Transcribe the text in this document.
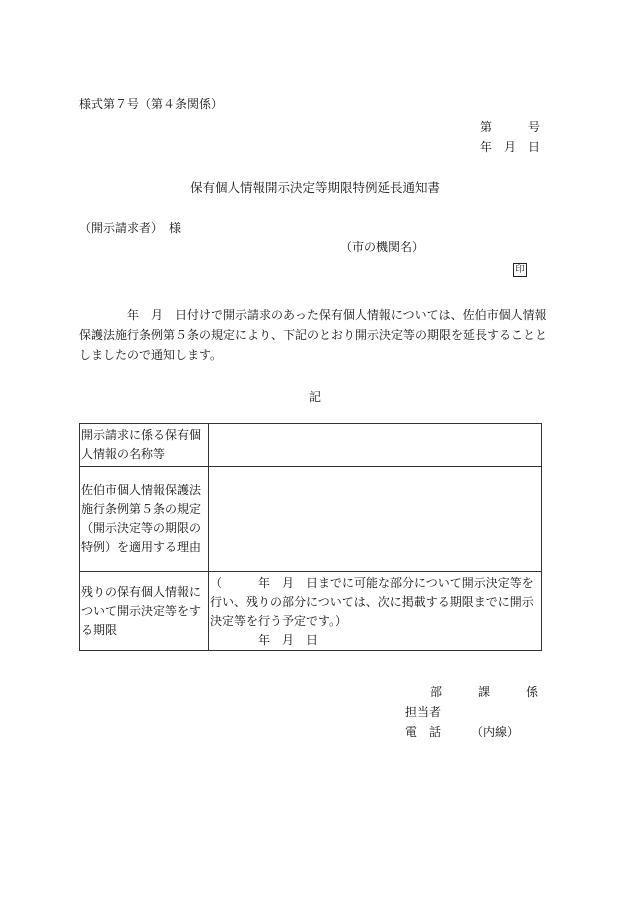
様式第７号（第４条関係）
第　　　号
年　月　日
保有個人情報開示決定等期限特例延長通知書
（開示請求者）　様
（市の機関名）
印
年　月　日付けで開示請求のあった保有個人情報については、佐伯市個人情報
保護法施行条例第５条の規定により、下記のとおり開示決定等の期限を延長することと
しましたので通知します。
記
開示請求に係る保有個人情報の名称等	
佐伯市個人情報保護法施行条例第５条の規定（開示決定等の期限の特例）を適用する理由	
残りの保有個人情報について開示決定等をする期限	（　　　年　月　日までに可能な部分について開示決定等を行い、残りの部分については、次に掲載する期限までに開示決定等を行う予定です。）
年　月　日
部　　　課　　　係
担当者
電　話　　　（内線）
